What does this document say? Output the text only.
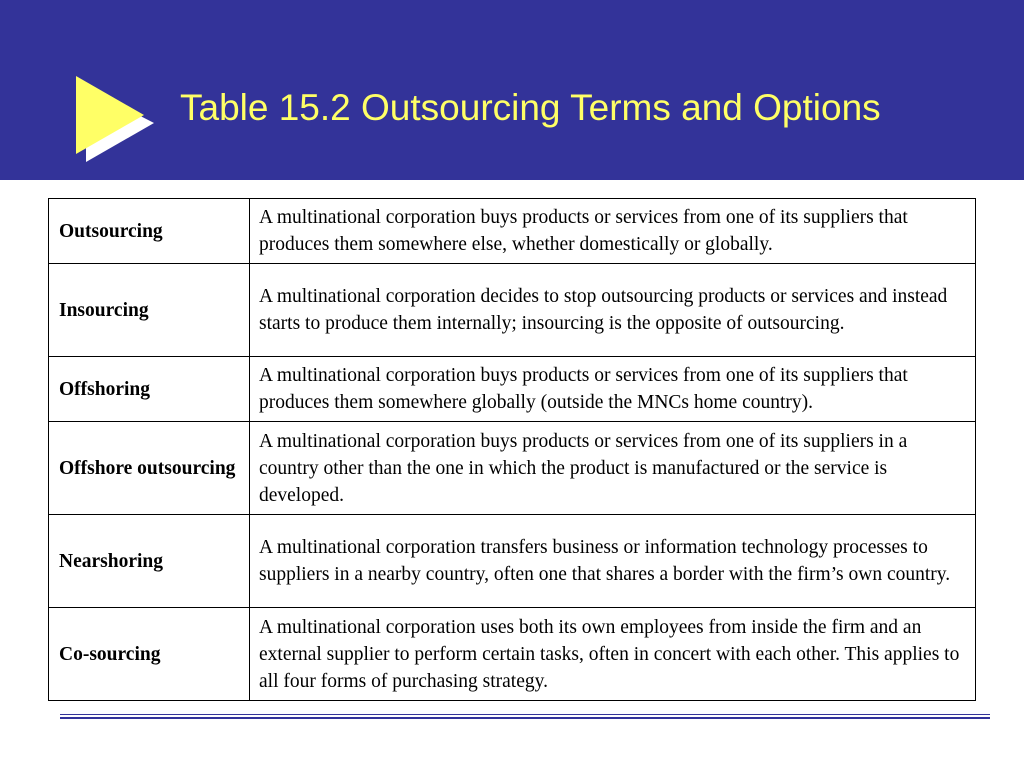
Table 15.2 Outsourcing Terms and Options
Outsourcing	A multinational corporation buys products or services from one of its suppliers that produces them somewhere else, whether domestically or globally.
Insourcing	A multinational corporation decides to stop outsourcing products or services and instead starts to produce them internally; insourcing is the opposite of outsourcing.
Offshoring	A multinational corporation buys products or services from one of its suppliers that produces them somewhere globally (outside the MNCs home country).
Offshore outsourcing	A multinational corporation buys products or services from one of its suppliers in a country other than the one in which the product is manufactured or the service is developed.
Nearshoring	A multinational corporation transfers business or information technology processes to suppliers in a nearby country, often one that shares a border with the firm’s own country.
Co-sourcing	A multinational corporation uses both its own employees from inside the firm and an external supplier to perform certain tasks, often in concert with each other. This applies to all four forms of purchasing strategy.
